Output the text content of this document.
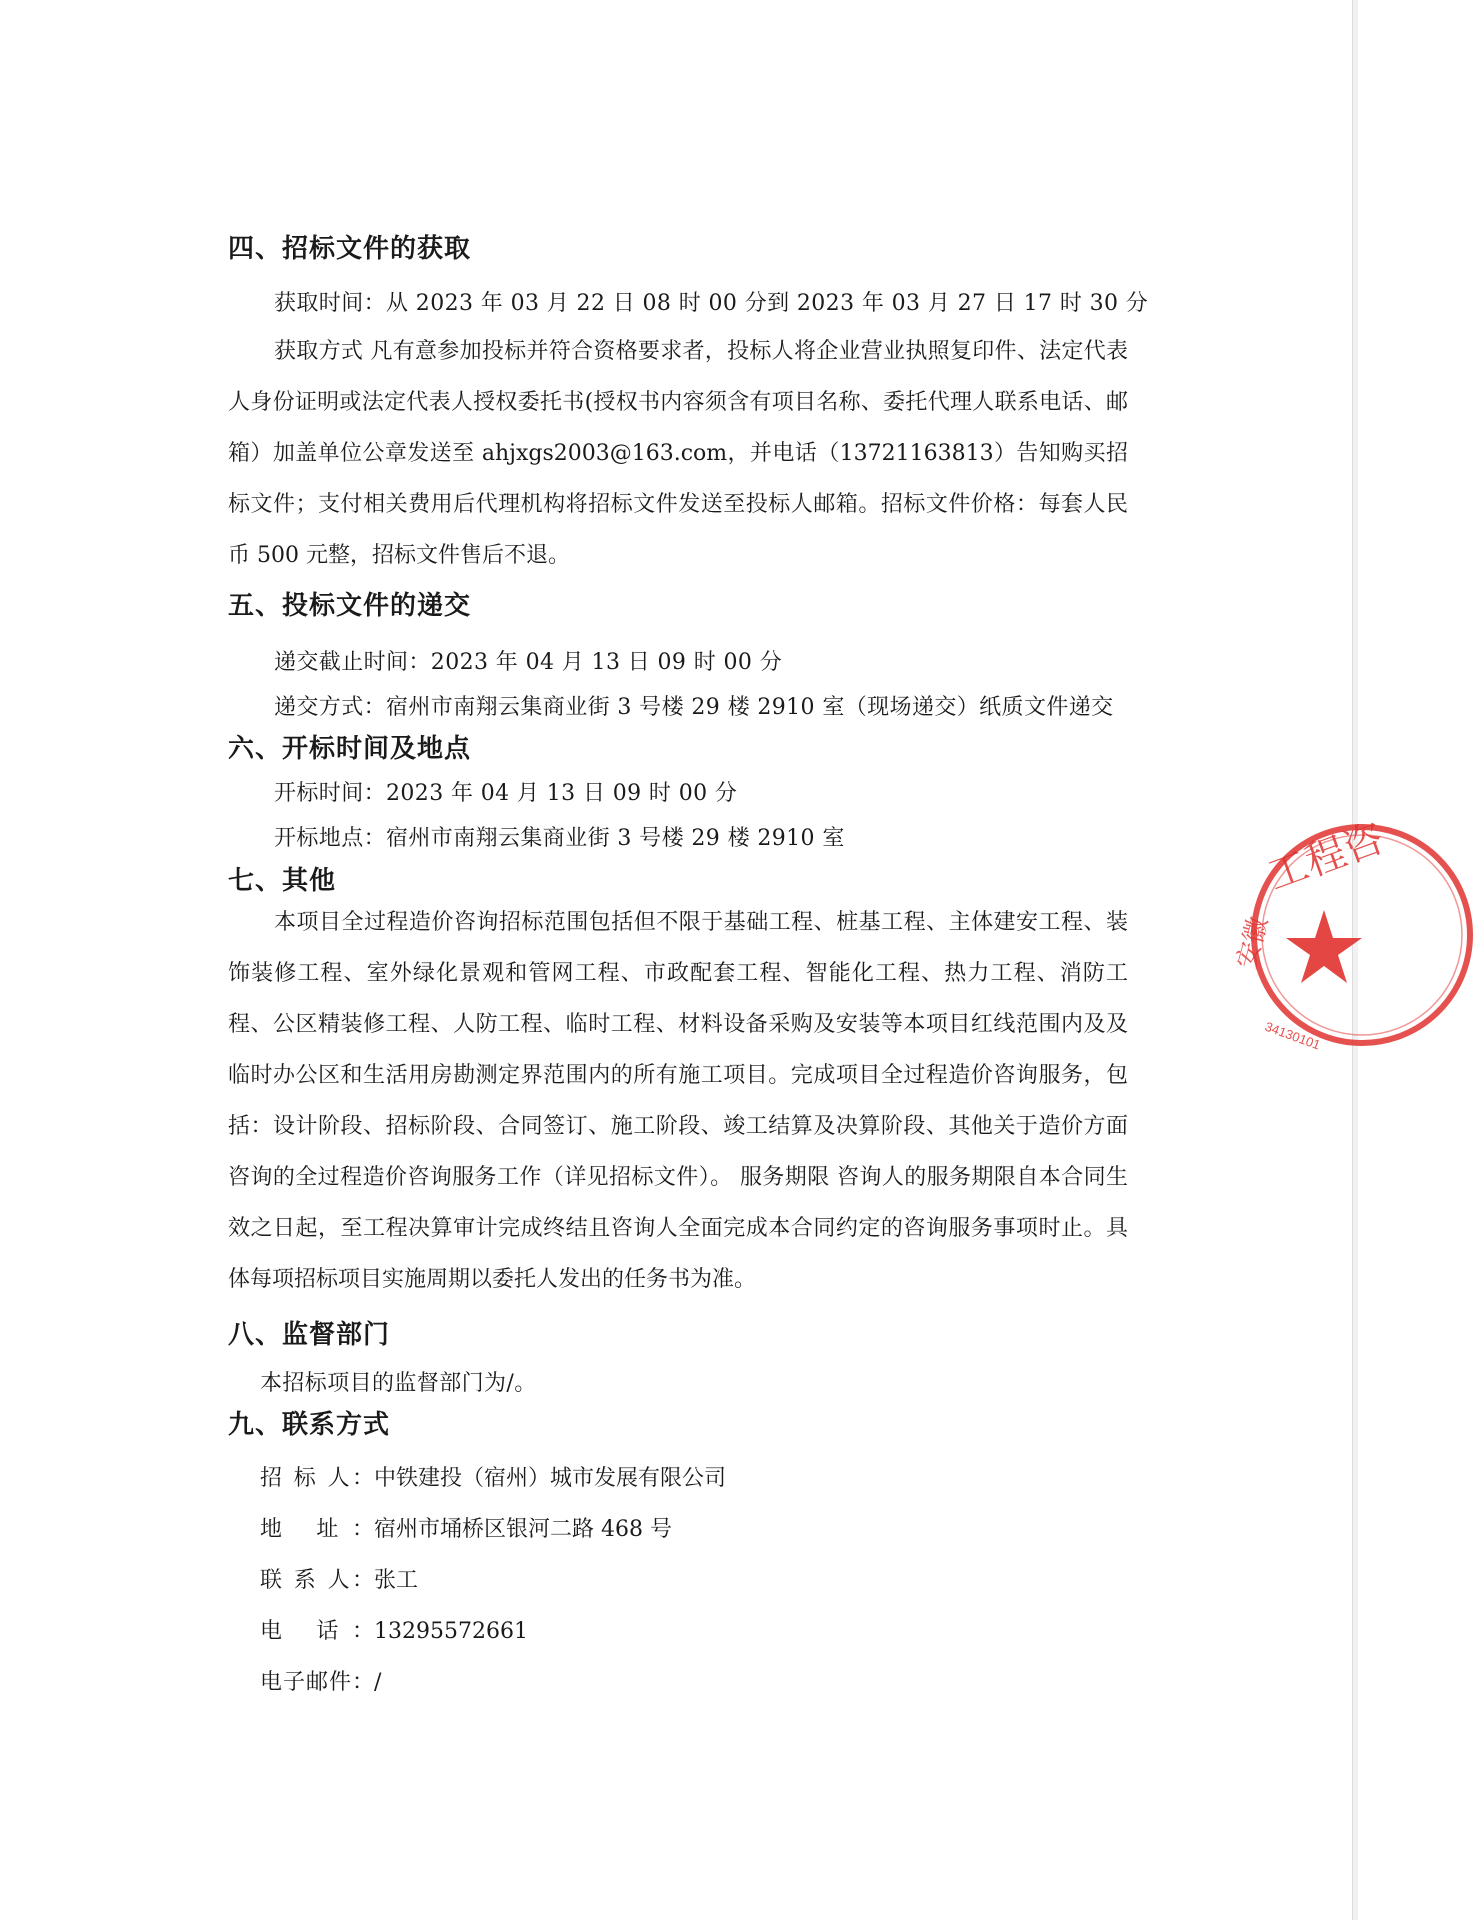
四、招标文件的获取
获取时间：从 2023 年 03 月 22 日 08 时 00 分到 2023 年 03 月 27 日 17 时 30 分
获取方式 凡有意参加投标并符合资格要求者，投标人将企业营业执照复印件、法定代表人身份证明或法定代表人授权委托书(授权书内容须含有项目名称、委托代理人联系电话、邮箱）加盖单位公章发送至 ahjxgs2003@163.com，并电话（13721163813）告知购买招标文件；支付相关费用后代理机构将招标文件发送至投标人邮箱。招标文件价格：每套人民币 500 元整，招标文件售后不退。
五、投标文件的递交
递交截止时间：2023 年 04 月 13 日 09 时 00 分
递交方式：宿州市南翔云集商业街 3 号楼 29 楼 2910 室（现场递交）纸质文件递交
六、开标时间及地点
开标时间：2023 年 04 月 13 日 09 时 00 分
开标地点：宿州市南翔云集商业街 3 号楼 29 楼 2910 室
七、其他
本项目全过程造价咨询招标范围包括但不限于基础工程、桩基工程、主体建安工程、装饰装修工程、室外绿化景观和管网工程、市政配套工程、智能化工程、热力工程、消防工程、公区精装修工程、人防工程、临时工程、材料设备采购及安装等本项目红线范围内及及临时办公区和生活用房勘测定界范围内的所有施工项目。完成项目全过程造价咨询服务，包括：设计阶段、招标阶段、合同签订、施工阶段、竣工结算及决算阶段、其他关于造价方面咨询的全过程造价咨询服务工作（详见招标文件）。 服务期限 咨询人的服务期限自本合同生效之日起，至工程决算审计完成终结且咨询人全面完成本合同约定的咨询服务事项时止。具体每项招标项目实施周期以委托人发出的任务书为准。
八、监督部门
本招标项目的监督部门为/。
九、联系方式
招 标 人：中铁建投（宿州）城市发展有限公司
地 址：宿州市埇桥区银河二路 468 号
联 系 人：张工
电 话：13295572661
电子邮件：/
工程咨
安徽
34130101
